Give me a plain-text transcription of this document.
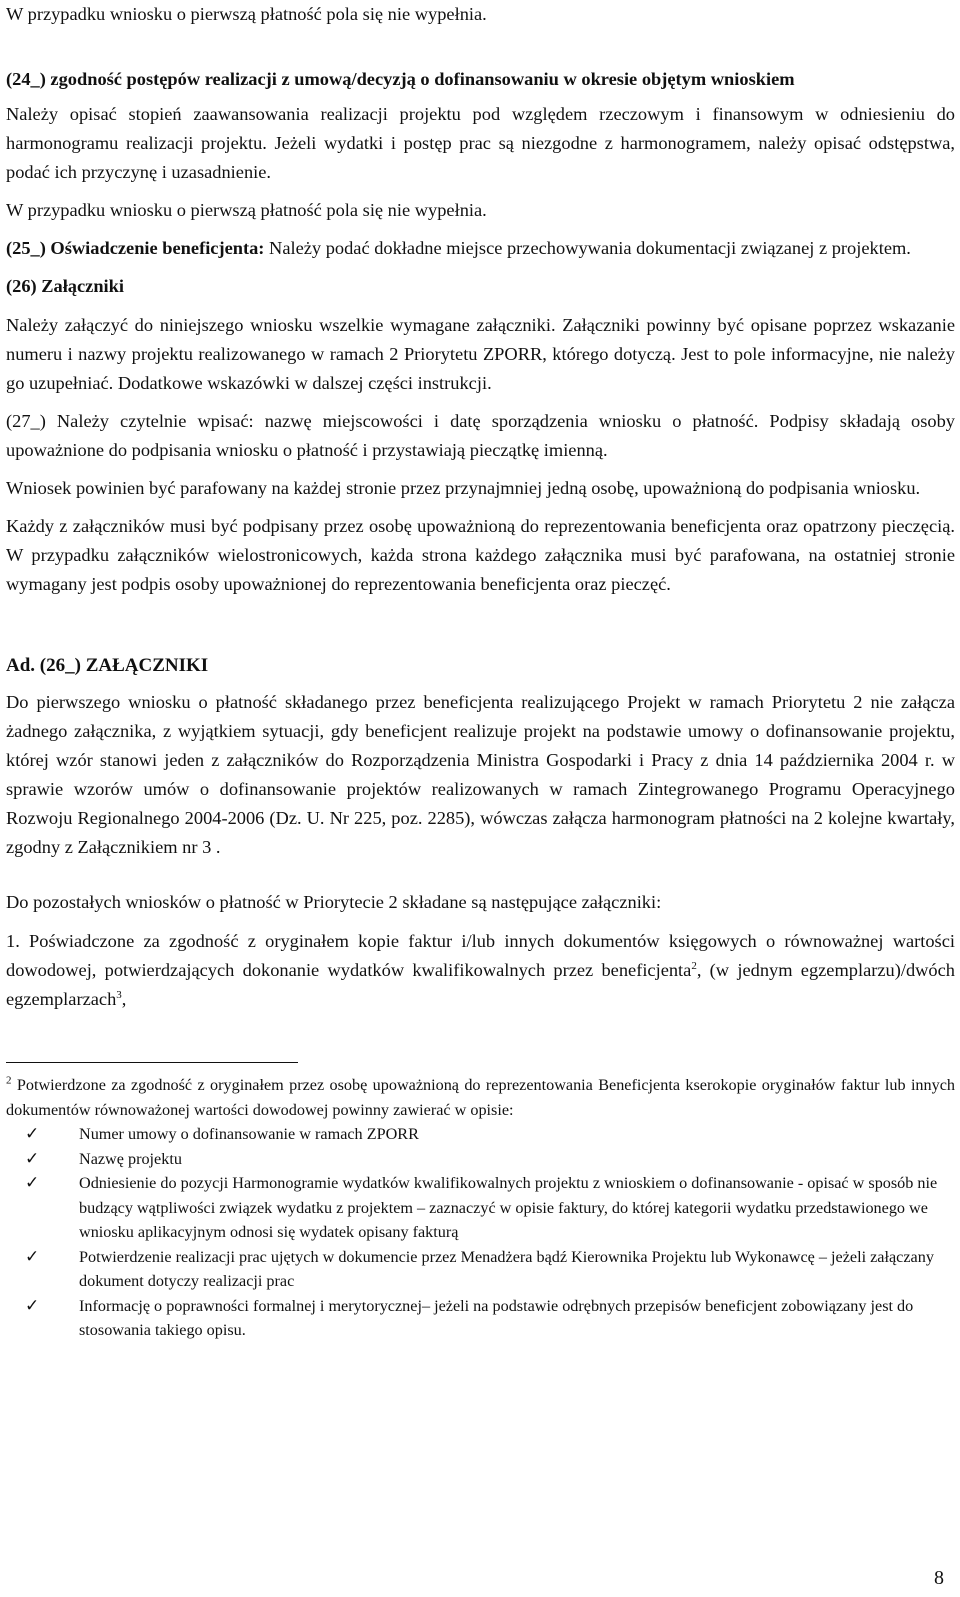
W przypadku wniosku o pierwszą płatność pola się nie wypełnia.

(24_) zgodność postępów realizacji z umową/decyzją o dofinansowaniu w okresie objętym wnioskiem

Należy opisać stopień zaawansowania realizacji projektu pod względem rzeczowym i finansowym w odniesieniu do harmonogramu realizacji projektu. Jeżeli wydatki i postęp prac są niezgodne z harmonogramem, należy opisać odstępstwa, podać ich przyczynę i uzasadnienie.

W przypadku wniosku o pierwszą płatność pola się nie wypełnia.

(25_) Oświadczenie beneficjenta: Należy podać dokładne miejsce przechowywania dokumentacji związanej z projektem.

(26) Załączniki

Należy załączyć do niniejszego wniosku wszelkie wymagane załączniki. Załączniki powinny być opisane poprzez wskazanie numeru i nazwy projektu realizowanego w ramach 2 Priorytetu ZPORR, którego dotyczą. Jest to pole informacyjne, nie należy go uzupełniać. Dodatkowe wskazówki w dalszej części instrukcji.

(27_) Należy czytelnie wpisać: nazwę miejscowości i datę sporządzenia wniosku o płatność. Podpisy składają osoby upoważnione do podpisania wniosku o płatność i przystawiają pieczątkę imienną.

Wniosek powinien być parafowany na każdej stronie przez przynajmniej jedną osobę, upoważnioną do podpisania wniosku.

Każdy z załączników musi być podpisany przez osobę upoważnioną do reprezentowania beneficjenta oraz opatrzony pieczęcią. W przypadku załączników wielostronicowych, każda strona każdego załącznika musi być parafowana, na ostatniej stronie wymagany jest podpis osoby upoważnionej do reprezentowania beneficjenta oraz pieczęć.

Ad. (26_) ZAŁĄCZNIKI

Do pierwszego wniosku o płatność składanego przez beneficjenta realizującego Projekt w ramach Priorytetu 2 nie załącza żadnego załącznika, z wyjątkiem sytuacji, gdy beneficjent realizuje projekt na podstawie umowy o dofinansowanie projektu, której wzór stanowi jeden z załączników do Rozporządzenia Ministra Gospodarki i Pracy z dnia 14 października 2004 r. w sprawie wzorów umów o dofinansowanie projektów realizowanych w ramach Zintegrowanego Programu Operacyjnego Rozwoju Regionalnego 2004-2006 (Dz. U. Nr 225, poz. 2285), wówczas załącza harmonogram płatności na 2 kolejne kwartały, zgodny z Załącznikiem nr 3 .

Do pozostałych wniosków o płatność w Priorytecie 2 składane są następujące załączniki:

1. Poświadczone za zgodność z oryginałem kopie faktur i/lub innych dokumentów księgowych o równoważnej wartości dowodowej, potwierdzających dokonanie wydatków kwalifikowalnych przez beneficjenta$^2$, (w jednym egzemplarzu)/dwóch egzemplarzach$^3$,

$^2$ Potwierdzone za zgodność z oryginałem przez osobę upoważnioną do reprezentowania Beneficjenta kserokopie oryginałów faktur lub innych dokumentów równoważonej wartości dowodowej powinny zawierać w opisie:

✓ Numer umowy o dofinansowanie w ramach ZPORR
✓ Nazwę projektu
✓ Odniesienie do pozycji Harmonogramie wydatków kwalifikowalnych projektu z wnioskiem o dofinansowanie - opisać w sposób nie budzący wątpliwości związek wydatku z projektem – zaznaczyć w opisie faktury, do której kategorii wydatku przedstawionego we wniosku aplikacyjnym odnosi się wydatek opisany fakturą
✓ Potwierdzenie realizacji prac ujętych w dokumencie przez Menadżera bądź Kierownika Projektu lub Wykonawcę – jeżeli załączany dokument dotyczy realizacji prac
✓ Informację o poprawności formalnej i merytorycznej– jeżeli na podstawie odrębnych przepisów beneficjent zobowiązany jest do stosowania takiego opisu.
8
